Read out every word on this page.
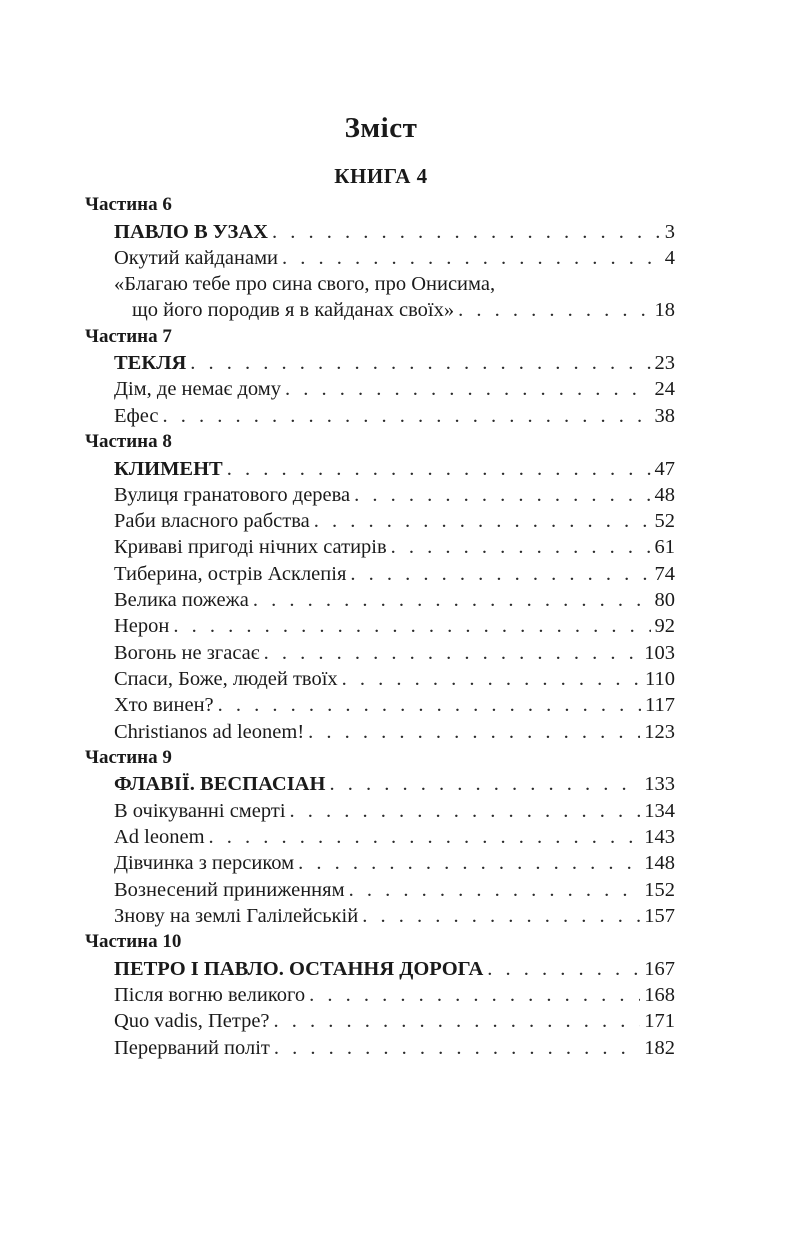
Зміст
КНИГА 4
Частина 6
ПАВЛО В УЗАХ . . .	3
Окутий кайданами . . .	4
«Благаю тебе про сина свого, про Онисима,
що його породив я в кайданах своїх» . . .	18
Частина 7
ТЕКЛЯ . . .	23
Дім, де немає дому . . .	24
Ефес . . .	38
Частина 8
КЛИМЕНТ . . .	47
Вулиця гранатового дерева . . .	48
Раби власного рабства . . .	52
Криваві пригоді нічних сатирів . . .	61
Тиберина, острів Асклепія . . .	74
Велика пожежа . . .	80
Нерон . . .	92
Вогонь не згасає . . .	103
Спаси, Боже, людей твоїх . . .	110
Хто винен? . . .	117
Christianos ad leonem! . . .	123
Частина 9
ФЛАВІЇ. ВЕСПАСІАН . . .	133
В очікуванні смерті . . .	134
Ad leonem . . .	143
Дівчинка з персиком . . .	148
Вознесений приниженням . . .	152
Знову на землі Галілейській . . .	157
Частина 10
ПЕТРО І ПАВЛО. ОСТАННЯ ДОРОГА . . .	167
Після вогню великого . . .	168
Quo vadis, Петре? . . .	171
Перерваний політ . . .	182
